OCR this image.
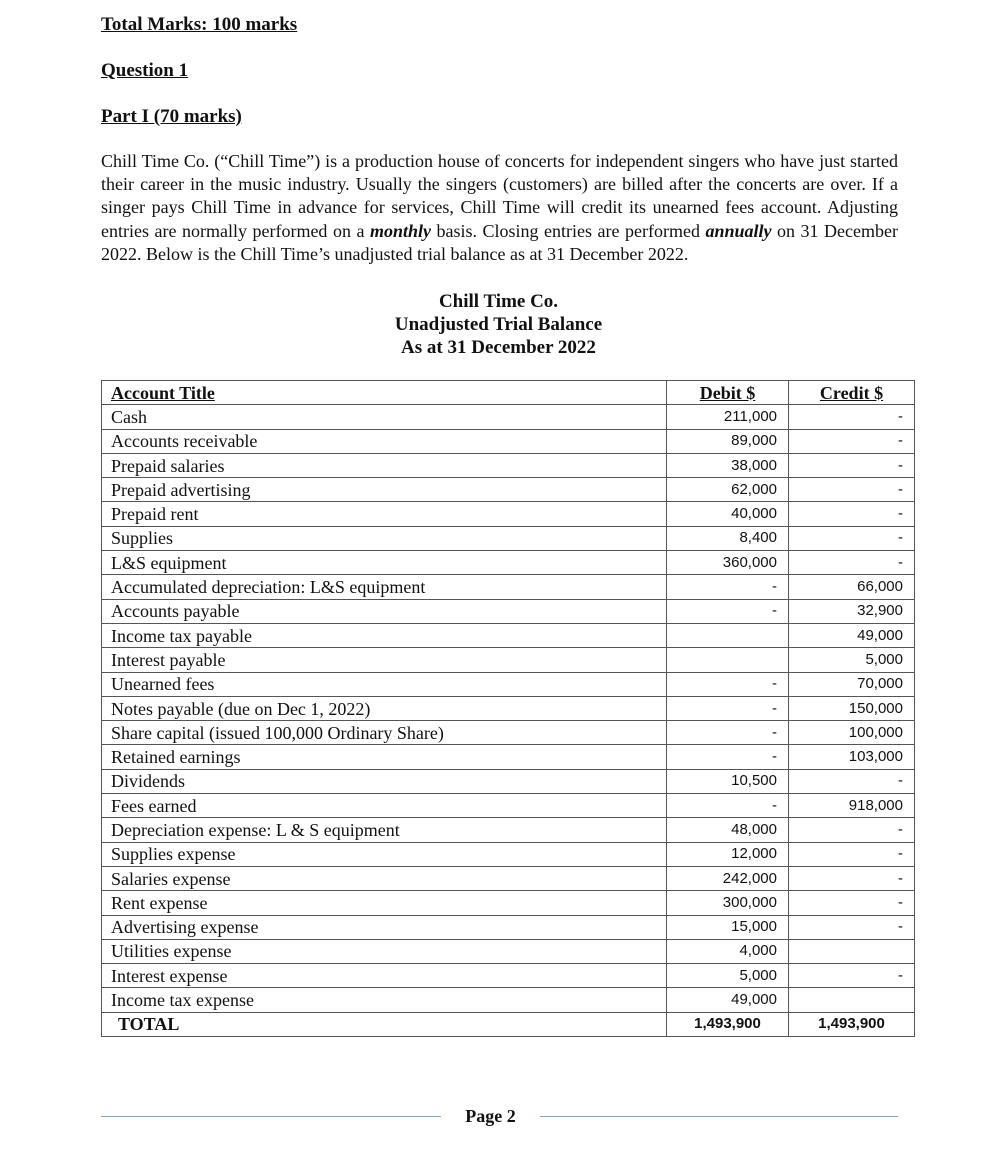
Total Marks: 100 marks
Question 1
Part I (70 marks)
Chill Time Co. (“Chill Time”) is a production house of concerts for independent singers who have just started their career in the music industry. Usually the singers (customers) are billed after the concerts are over. If a singer pays Chill Time in advance for services, Chill Time will credit its unearned fees account. Adjusting entries are normally performed on a monthly basis. Closing entries are performed annually on 31 December 2022. Below is the Chill Time’s unadjusted trial balance as at 31 December 2022.
Chill Time Co.
Unadjusted Trial Balance
As at 31 December 2022
Account Title	Debit $	Credit $
Cash	211,000	-
Accounts receivable	89,000	-
Prepaid salaries	38,000	-
Prepaid advertising	62,000	-
Prepaid rent	40,000	-
Supplies	8,400	-
L&S equipment	360,000	-
Accumulated depreciation: L&S equipment	-	66,000
Accounts payable	-	32,900
Income tax payable		49,000
Interest payable		5,000
Unearned fees	-	70,000
Notes payable (due on Dec 1, 2022)	-	150,000
Share capital (issued 100,000 Ordinary Share)	-	100,000
Retained earnings	-	103,000
Dividends	10,500	-
Fees earned	-	918,000
Depreciation expense: L & S equipment	48,000	-
Supplies expense	12,000	-
Salaries expense	242,000	-
Rent expense	300,000	-
Advertising expense	15,000	-
Utilities expense	4,000	
Interest expense	5,000	-
Income tax expense	49,000	
TOTAL	1,493,900	1,493,900
Page 2
